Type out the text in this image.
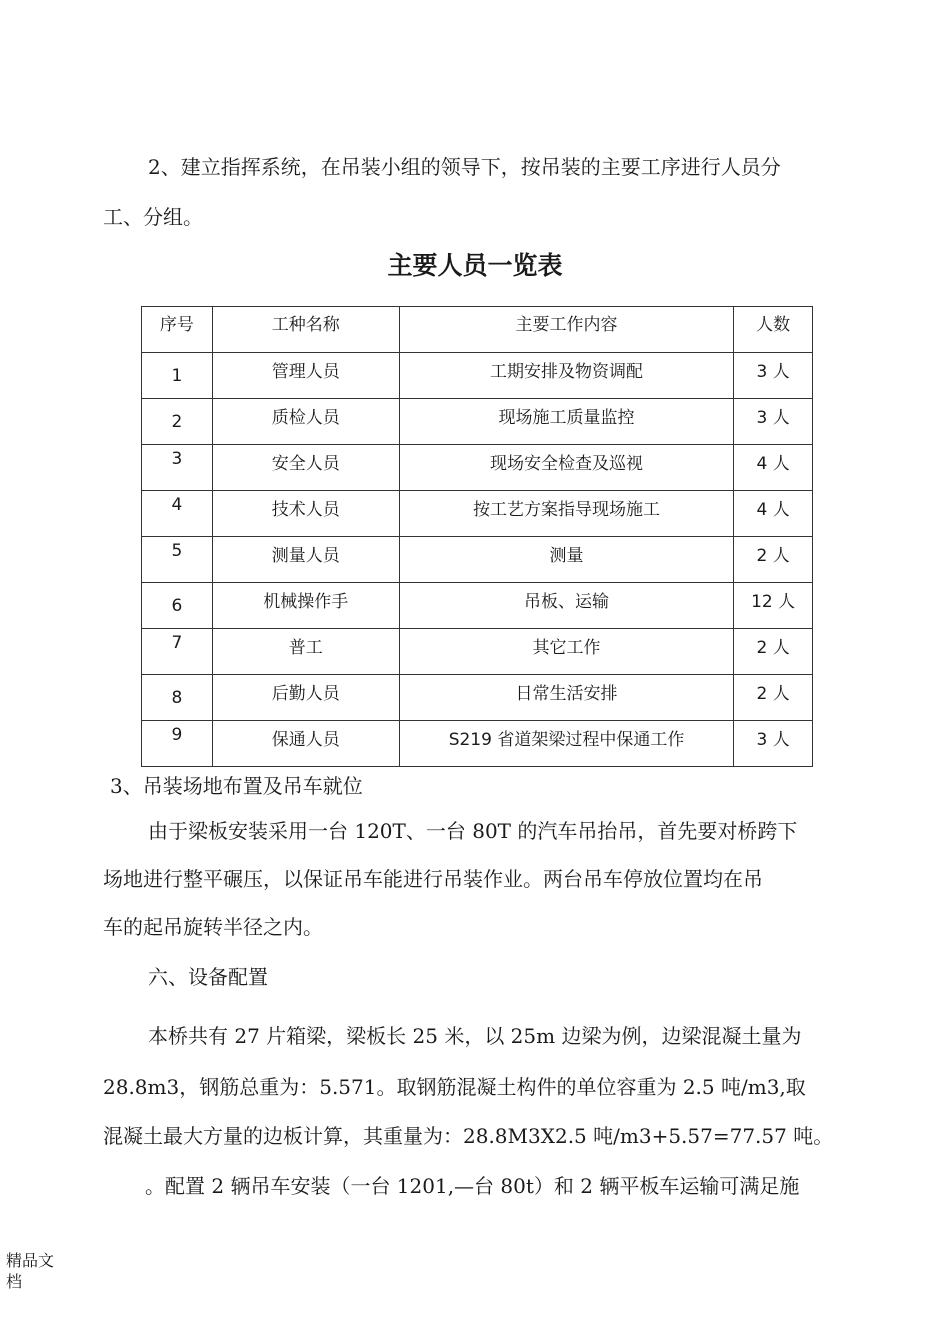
2、建立指挥系统，在吊装小组的领导下，按吊装的主要工序进行人员分

工、分组。

主要人员一览表
序号	工种名称	主要工作内容	人数
1	管理人员	工期安排及物资调配	3 人
2	质检人员	现场施工质量监控	3 人
3	安全人员	现场安全检查及巡视	4 人
4	技术人员	按工艺方案指导现场施工	4 人
5	测量人员	测量	2 人
6	机械操作手	吊板、运输	12 人
7	普工	其它工作	2 人
8	后勤人员	日常生活安排	2 人
9	保通人员	S219 省道架梁过程中保通工作	3 人

3、吊装场地布置及吊车就位

由于梁板安装采用一台 120T、一台 80T 的汽车吊抬吊，首先要对桥跨下

场地进行整平碾压，以保证吊车能进行吊装作业。两台吊车停放位置均在吊

车的起吊旋转半径之内。

六、设备配置

本桥共有 27 片箱梁，梁板长 25 米，以 25m 边梁为例，边梁混凝土量为

28.8m3，钢筋总重为：5.571。取钢筋混凝土构件的单位容重为 2.5 吨/m3,取

混凝土最大方量的边板计算，其重量为：28.8M3X2.5 吨/m3+5.57=77.57 吨。

。配置 2 辆吊车安装（一台 1201,—台 80t）和 2 辆平板车运输可满足施

精品文档
